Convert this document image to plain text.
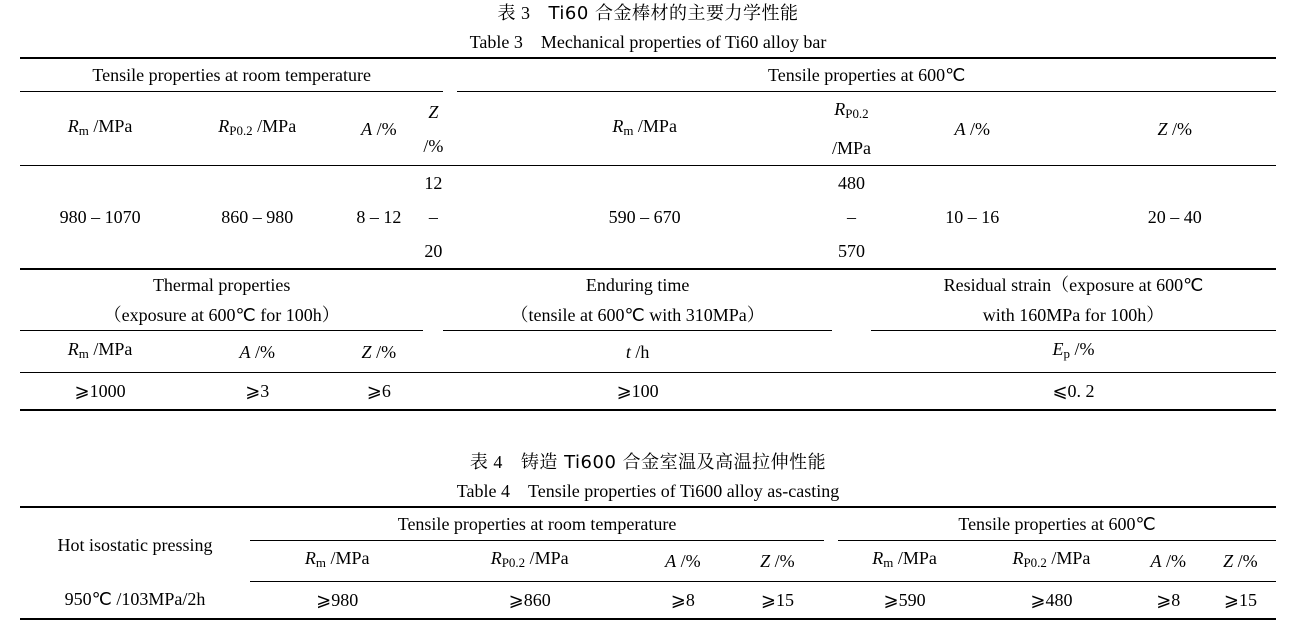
表 3 Ti60 合金棒材的主要力学性能
Table 3 Mechanical properties of Ti60 alloy bar
Tensile properties at room temperature					Tensile properties at 600℃			
$R_m$ /MPa	$R_{P0.2}$ /MPa	A /%	Z /%		$R_m$ /MPa	$R_{P0.2}$ /MPa	A /%	Z /%
980 – 1070	860 – 980	8 – 12	12 – 20		590 – 670	480 – 570	10 – 16	20 – 40

Thermal properties
（exposure at 600℃ for 100h）

Enduring time
（tensile at 600℃ with 310MPa）

Residual strain（exposure at 600℃
with 160MPa for 100h）

$R_m$ /MPa	A /%	Z /%		t /h			$E_p$ /%	
⩾1000	⩾3	⩾6		⩾100			⩽0. 2	
表 4 铸造 Ti600 合金室温及高温拉伸性能
Table 4 Tensile properties of Ti600 alloy as-casting
Hot isostatic pressing	Tensile properties at room temperature					Tensile properties at 600℃			
	$R_m$ /MPa	$R_{P0.2}$ /MPa	A /%	Z /%		$R_m$ /MPa	$R_{P0.2}$ /MPa	A /%	Z /%
950℃ /103MPa/2h	⩾980	⩾860	⩾8	⩾15		⩾590	⩾480	⩾8	⩾15
